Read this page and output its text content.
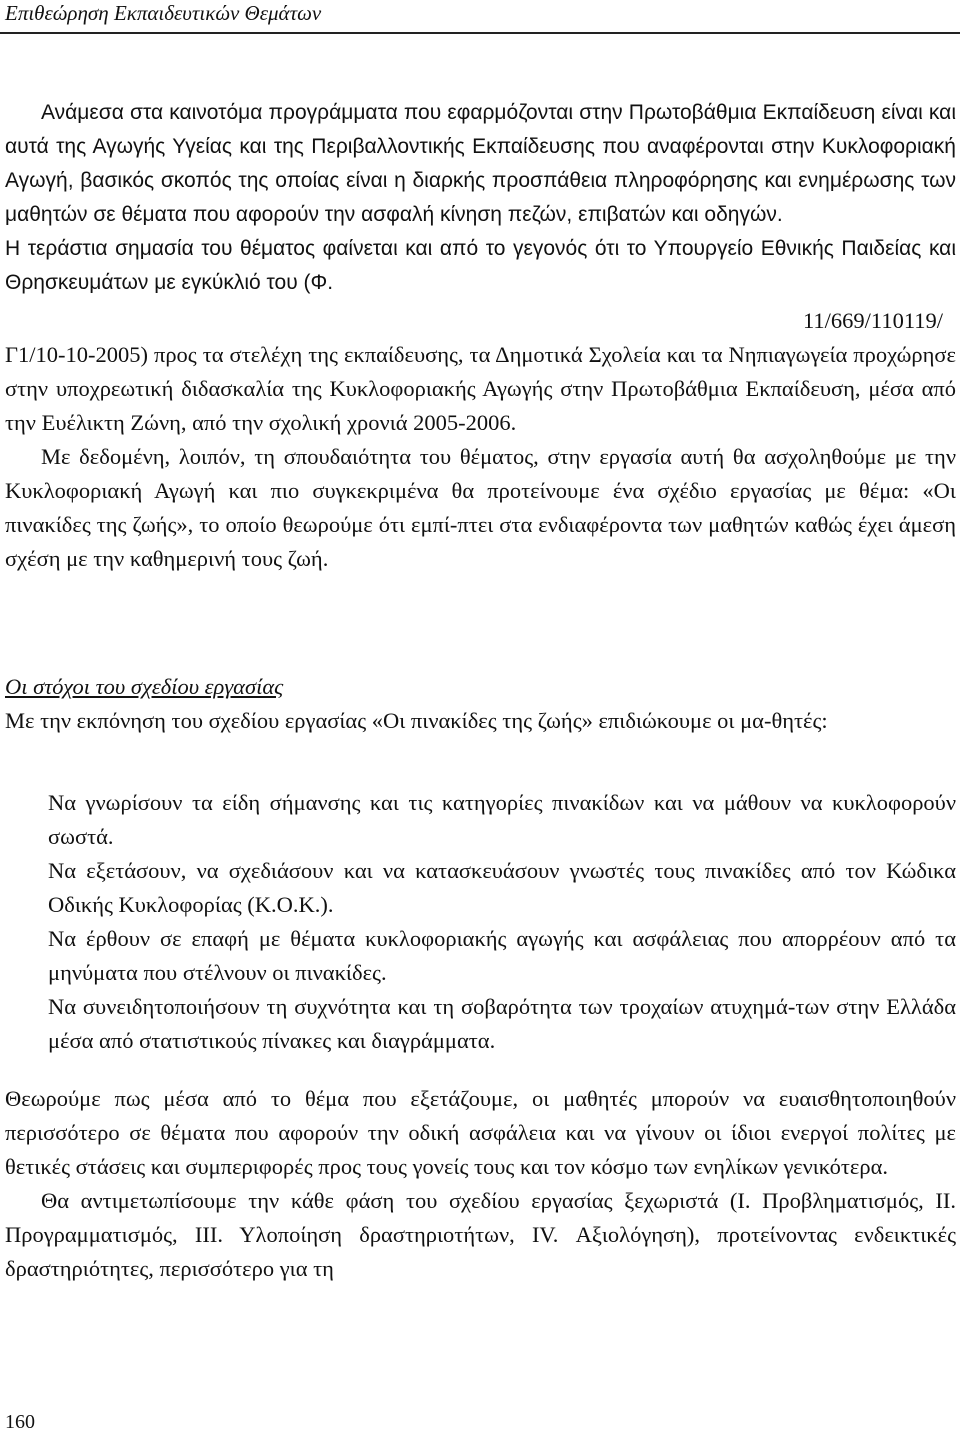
Επιθεώρηση Εκπαιδευτικών Θεμάτων

Ανάμεσα στα καινοτόμα προγράμματα που εφαρμόζονται στην Πρωτοβάθμια Εκπαίδευση είναι και αυτά της Αγωγής Υγείας και της Περιβαλλοντικής Εκπαίδευσης που αναφέρονται στην Κυκλοφοριακή Αγωγή, βασικός σκοπός της οποίας είναι η διαρκής προσπάθεια πληροφόρησης και ενημέρωσης των μαθητών σε θέματα που αφορούν την ασφαλή κίνηση πεζών, επιβατών και οδηγών.

Η τεράστια σημασία του θέματος φαίνεται και από το γεγονός ότι το Υπουργείο Εθνικής Παιδείας και Θρησκευμάτων με εγκύκλιό του (Φ.

11/669/110119/ Γ1/10-10-2005) προς τα στελέχη της εκπαίδευσης, τα Δημοτικά Σχολεία και τα Νηπιαγωγεία προχώρησε στην υποχρεωτική διδασκαλία της Κυκλοφοριακής Αγωγής στην Πρωτοβάθμια Εκπαίδευση, μέσα από την Ευέλικτη Ζώνη, από την σχολική χρονιά 2005-2006.

Με δεδομένη, λοιπόν, τη σπουδαιότητα του θέματος, στην εργασία αυτή θα ασχοληθούμε με την Κυκλοφοριακή Αγωγή και πιο συγκεκριμένα θα προτείνουμε ένα σχέδιο εργασίας με θέμα: «Οι πινακίδες της ζωής», το οποίο θεωρούμε ότι εμπί-πτει στα ενδιαφέροντα των μαθητών καθώς έχει άμεση σχέση με την καθημερινή τους ζωή.

Οι στόχοι του σχεδίου εργασίας

Με την εκπόνηση του σχεδίου εργασίας «Οι πινακίδες της ζωής» επιδιώκουμε οι μα-θητές:

Να γνωρίσουν τα είδη σήμανσης και τις κατηγορίες πινακίδων και να μάθουν να κυκλοφορούν σωστά.

Να εξετάσουν, να σχεδιάσουν και να κατασκευάσουν γνωστές τους πινακίδες από τον Κώδικα Οδικής Κυκλοφορίας (Κ.Ο.Κ.).

Να έρθουν σε επαφή με θέματα κυκλοφοριακής αγωγής και ασφάλειας που απορρέουν από τα μηνύματα που στέλνουν οι πινακίδες.

Να συνειδητοποιήσουν τη συχνότητα και τη σοβαρότητα των τροχαίων ατυχημά-των στην Ελλάδα μέσα από στατιστικούς πίνακες και διαγράμματα.

Θεωρούμε πως μέσα από το θέμα που εξετάζουμε, οι μαθητές μπορούν να ευαισθητοποιηθούν περισσότερο σε θέματα που αφορούν την οδική ασφάλεια και να γίνουν οι ίδιοι ενεργοί πολίτες με θετικές στάσεις και συμπεριφορές προς τους γονείς τους και τον κόσμο των ενηλίκων γενικότερα.

Θα αντιμετωπίσουμε την κάθε φάση του σχεδίου εργασίας ξεχωριστά (Ι. Προβληματισμός, ΙΙ. Προγραμματισμός, ΙΙΙ. Υλοποίηση δραστηριοτήτων, IV. Αξιολόγηση), προτείνοντας ενδεικτικές δραστηριότητες, περισσότερο για τη

160
